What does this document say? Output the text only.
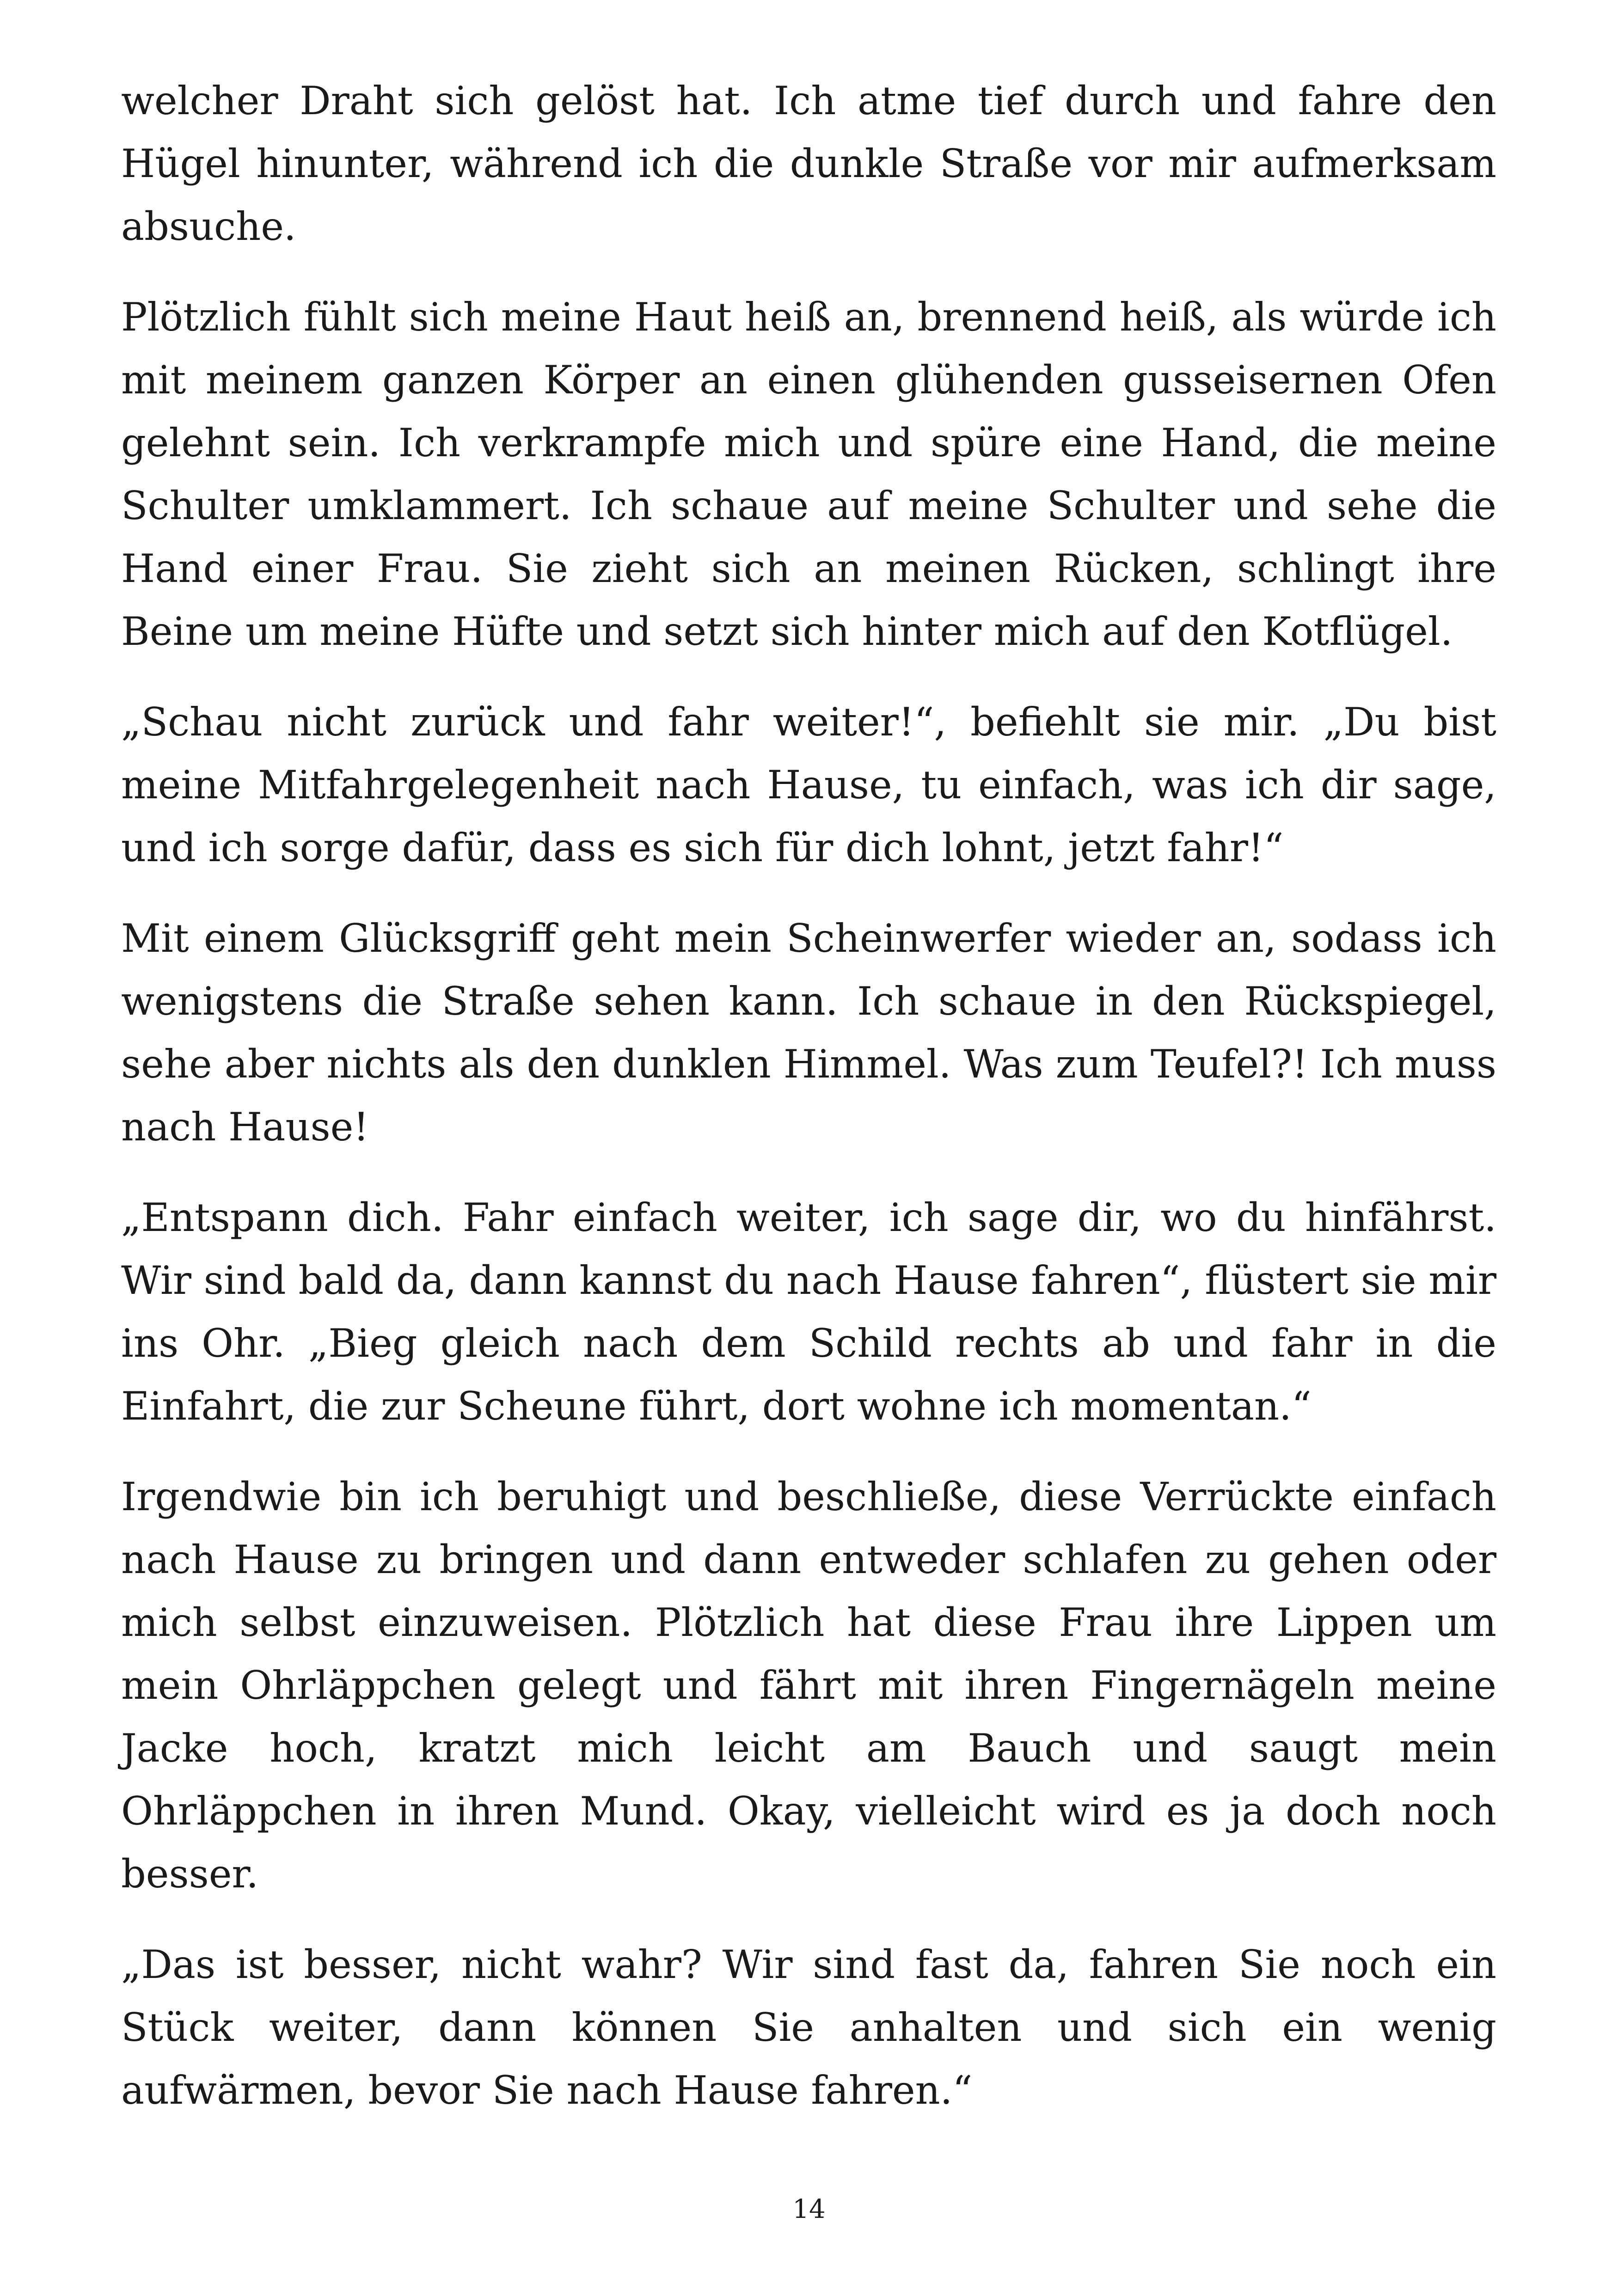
welcher Draht sich gelöst hat. Ich atme tief durch und fahre den Hügel hinunter, während ich die dunkle Straße vor mir aufmerksam absuche.

Plötzlich fühlt sich meine Haut heiß an, brennend heiß, als würde ich mit meinem ganzen Körper an einen glühenden gusseisernen Ofen gelehnt sein. Ich verkrampfe mich und spüre eine Hand, die meine Schulter umklammert. Ich schaue auf meine Schulter und sehe die Hand einer Frau. Sie zieht sich an meinen Rücken, schlingt ihre Beine um meine Hüfte und setzt sich hinter mich auf den Kotflügel.

„Schau nicht zurück und fahr weiter!“, befiehlt sie mir. „Du bist meine Mitfahrgelegenheit nach Hause, tu einfach, was ich dir sage, und ich sorge dafür, dass es sich für dich lohnt, jetzt fahr!“

Mit einem Glücksgriff geht mein Scheinwerfer wieder an, sodass ich wenigstens die Straße sehen kann. Ich schaue in den Rückspiegel, sehe aber nichts als den dunklen Himmel. Was zum Teufel?! Ich muss nach Hause!

„Entspann dich. Fahr einfach weiter, ich sage dir, wo du hinfährst. Wir sind bald da, dann kannst du nach Hause fahren“, flüstert sie mir ins Ohr. „Bieg gleich nach dem Schild rechts ab und fahr in die Einfahrt, die zur Scheune führt, dort wohne ich momentan.“

Irgendwie bin ich beruhigt und beschließe, diese Verrückte einfach nach Hause zu bringen und dann entweder schlafen zu gehen oder mich selbst einzuweisen. Plötzlich hat diese Frau ihre Lippen um mein Ohrläppchen gelegt und fährt mit ihren Fingernägeln meine Jacke hoch, kratzt mich leicht am Bauch und saugt mein Ohrläppchen in ihren Mund. Okay, vielleicht wird es ja doch noch besser.

„Das ist besser, nicht wahr? Wir sind fast da, fahren Sie noch ein Stück weiter, dann können Sie anhalten und sich ein wenig aufwärmen, bevor Sie nach Hause fahren.“

14
